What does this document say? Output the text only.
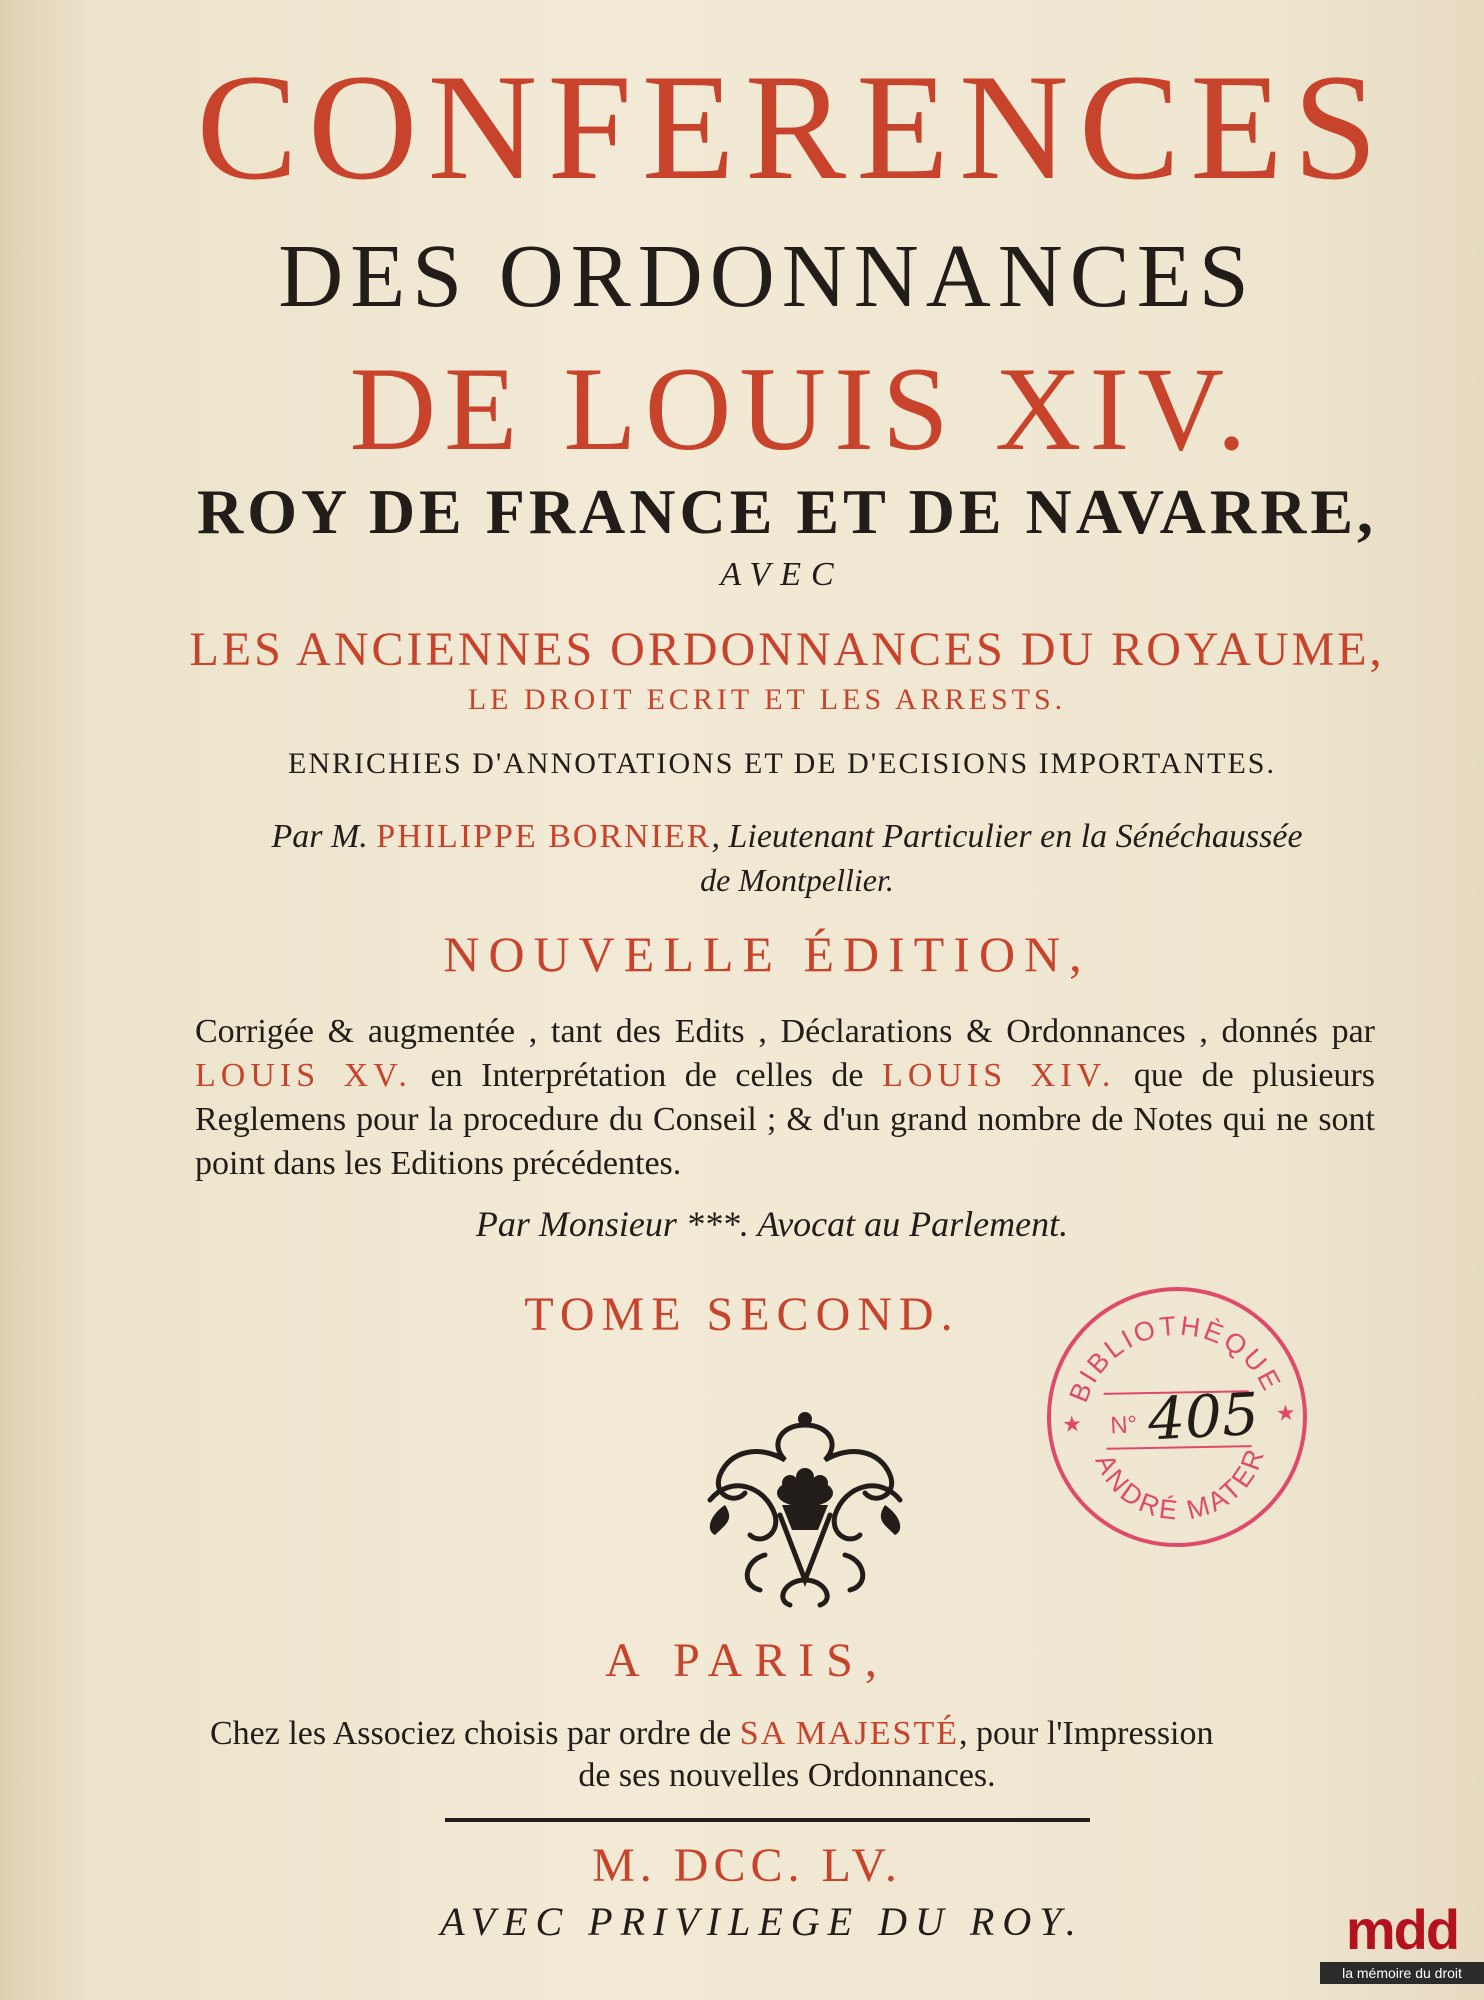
CONFERENCES
DES ORDONNANCES
DE LOUIS XIV.
ROY DE FRANCE ET DE NAVARRE,
AVEC
LES ANCIENNES ORDONNANCES DU ROYAUME,
LE DROIT ECRIT ET LES ARRESTS.
ENRICHIES D'ANNOTATIONS ET DE D'ECISIONS IMPORTANTES.
Par M. PHILIPPE BORNIER, Lieutenant Particulier en la Sénéchaussée
de Montpellier.
NOUVELLE ÉDITION,
Corrigée & augmentée , tant des Edits , Déclarations & Ordonnances , donnés par LOUIS XV. en Interprétation de celles de LOUIS XIV. que de plusieurs Reglemens pour la procedure du Conseil ; & d'un grand nombre de Notes qui ne sont point dans les Editions précédentes.
Par Monsieur ***. Avocat au Parlement.
TOME SECOND.
BIBLIOTHÈQUE
ANDRÉ MATER
★	★
N° 405
A PARIS,
Chez les Associez choisis par ordre de SA MAJESTÉ, pour l'Impression
de ses nouvelles Ordonnances.
M. DCC. LV.
AVEC PRIVILEGE DU ROY.	mdd
la mémoire du droit
